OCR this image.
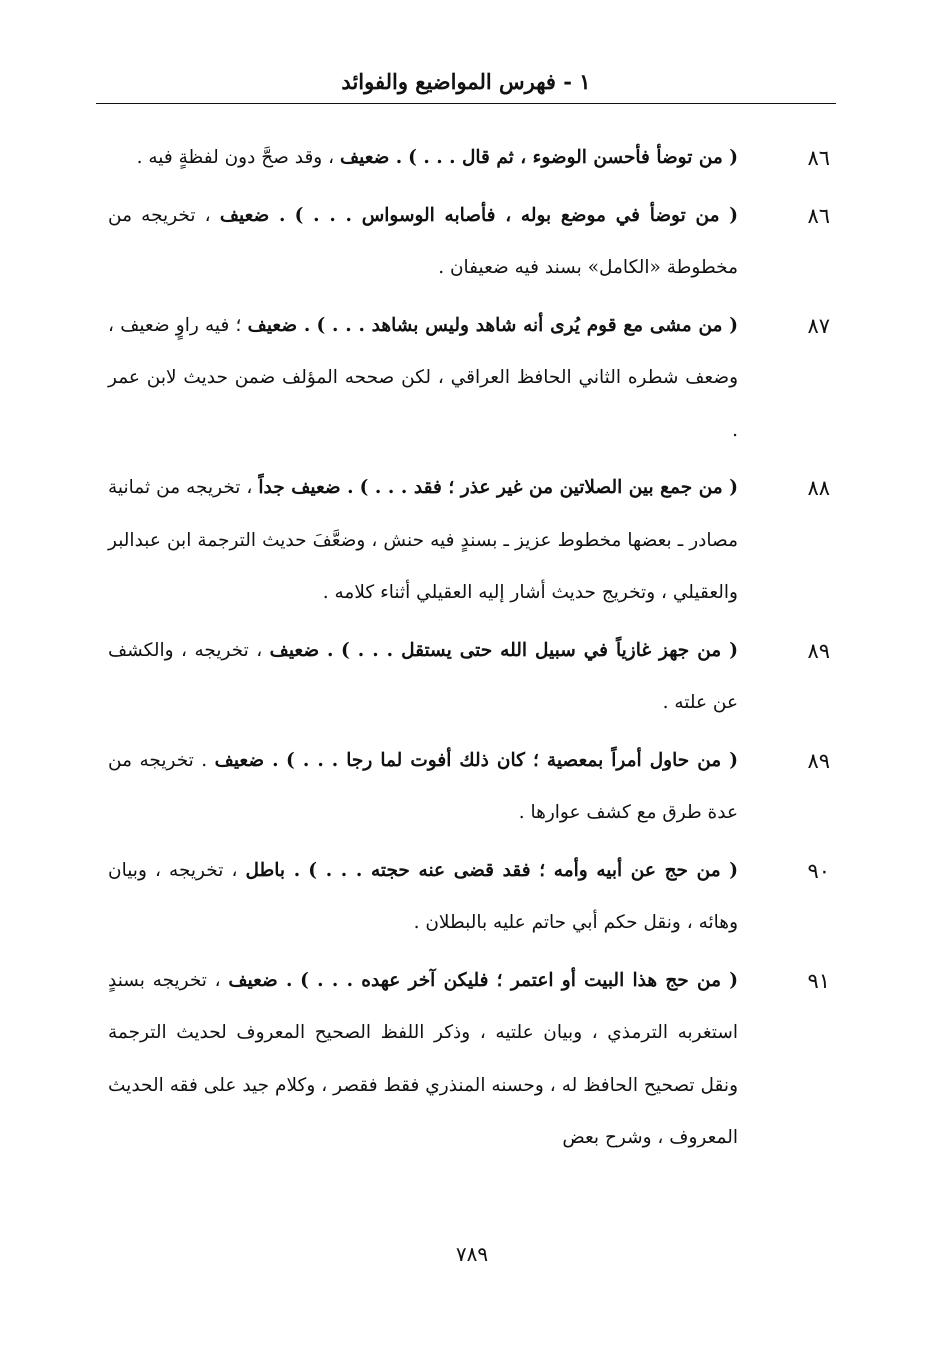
١ - فهرس المواضيع والفوائد
٨٦
( من توضأ فأحسن الوضوء ، ثم قال . . . ) . ضعيف ، وقد صحَّ دون لفظةٍ فيه .
٨٦
( من توضأ في موضع بوله ، فأصابه الوسواس . . . ) . ضعيف ، تخريجه من مخطوطة «الكامل» بسند فيه ضعيفان .
٨٧
( من مشى مع قوم يُرى أنه شاهد وليس بشاهد . . . ) . ضعيف ؛ فيه راوٍ ضعيف ، وضعف شطره الثاني الحافظ العراقي ، لكن صححه المؤلف ضمن حديث لابن عمر .
٨٨
( من جمع بين الصلاتين من غير عذر ؛ فقد . . . ) . ضعيف جداً ، تخريجه من ثمانية مصادر ـ بعضها مخطوط عزيز ـ بسندٍ فيه حنش ، وضعَّفَ حديث الترجمة ابن عبدالبر والعقيلي ، وتخريج حديث أشار إليه العقيلي أثناء كلامه .
٨٩
( من جهز غازياً في سبيل الله حتى يستقل . . . ) . ضعيف ، تخريجه ، والكشف عن علته .
٨٩
( من حاول أمراً بمعصية ؛ كان ذلك أفوت لما رجا . . . ) . ضعيف . تخريجه من عدة طرق مع كشف عوارها .
٩٠
( من حج عن أبيه وأمه ؛ فقد قضى عنه حجته . . . ) . باطل ، تخريجه ، وبيان وهائه ، ونقل حكم أبي حاتم عليه بالبطلان .
٩١
( من حج هذا البيت أو اعتمر ؛ فليكن آخر عهده . . . ) . ضعيف ، تخريجه بسندٍ استغربه الترمذي ، وبيان علتيه ، وذكر اللفظ الصحيح المعروف لحديث الترجمة ونقل تصحيح الحافظ له ، وحسنه المنذري فقط فقصر ، وكلام جيد على فقه الحديث المعروف ، وشرح بعض
٧٨٩
